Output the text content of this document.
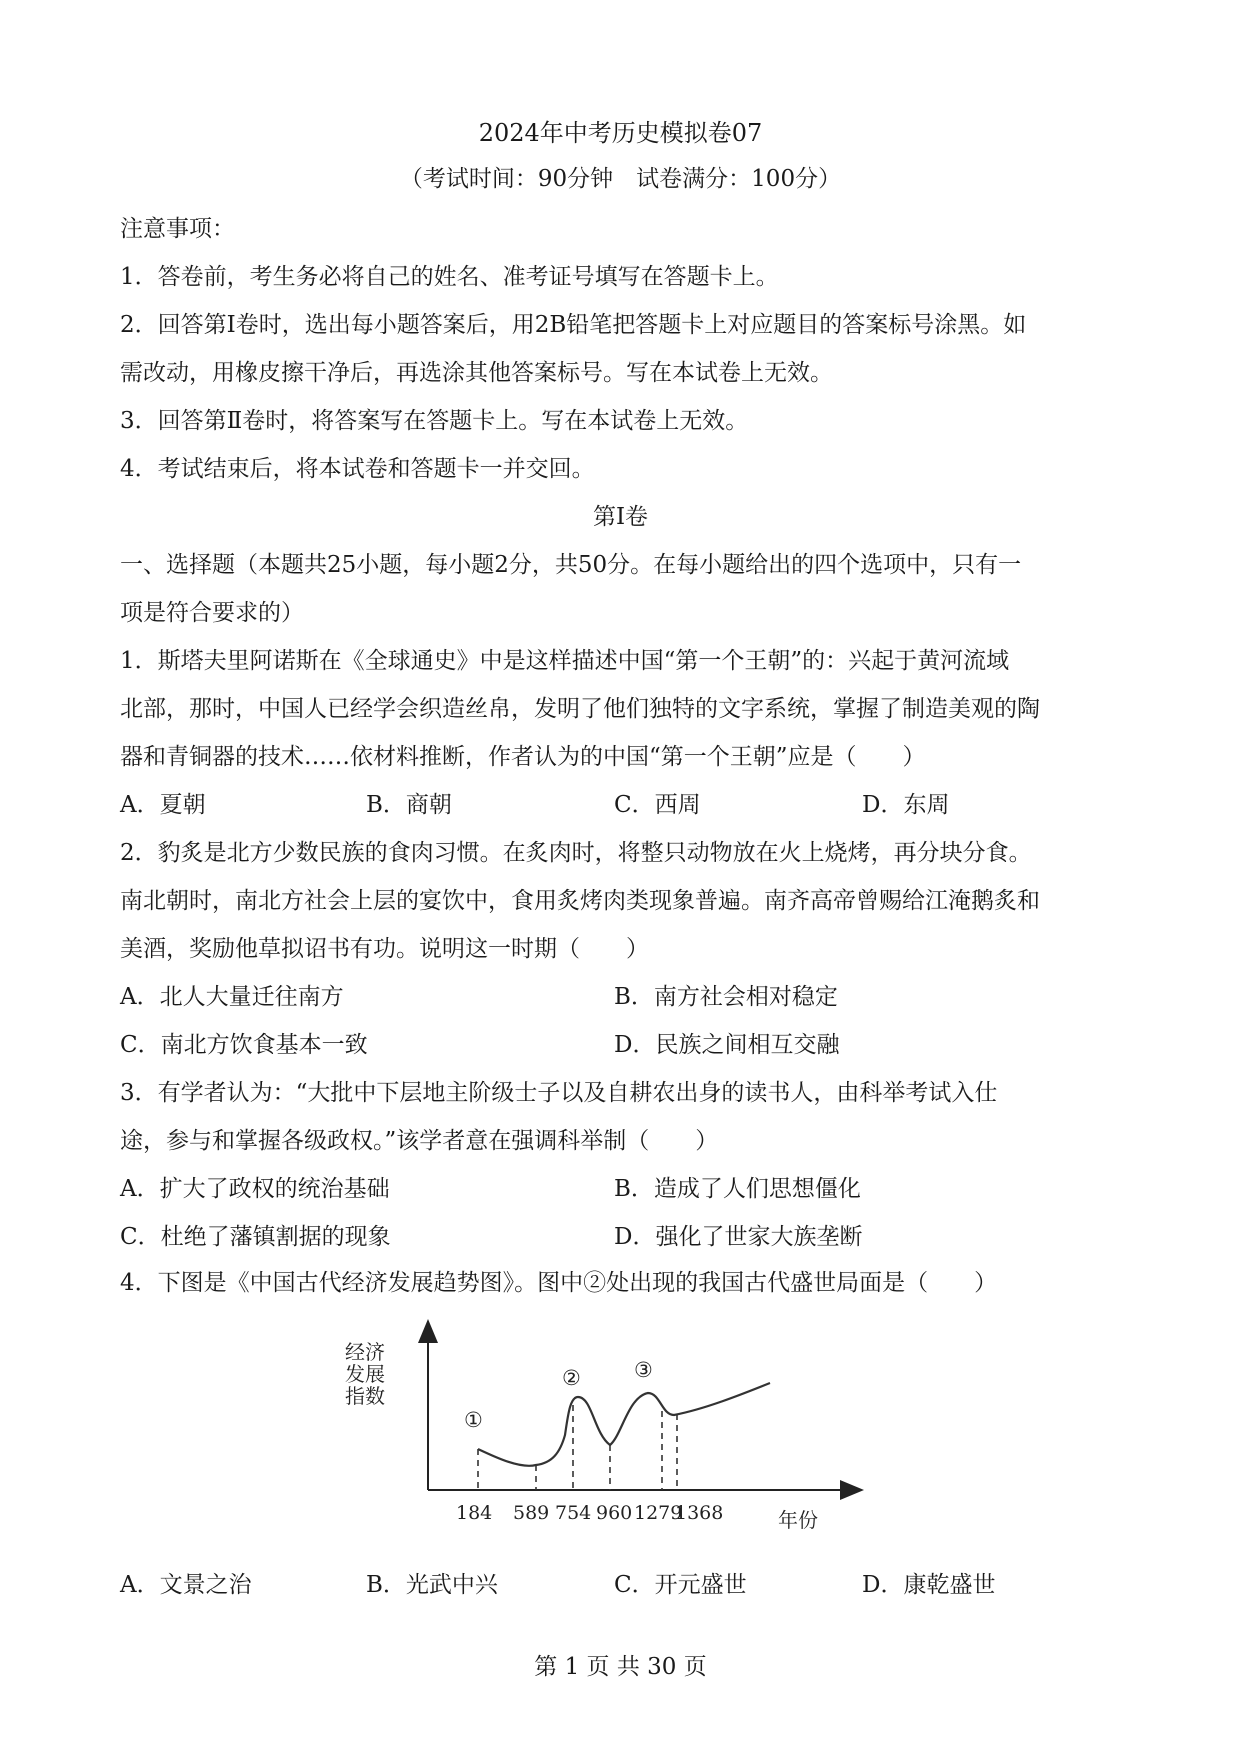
2024年中考历史模拟卷07
（考试时间：90分钟　试卷满分：100分）
注意事项：
1．答卷前，考生务必将自己的姓名、准考证号填写在答题卡上。
2．回答第Ⅰ卷时，选出每小题答案后，用2B铅笔把答题卡上对应题目的答案标号涂黑。如
需改动，用橡皮擦干净后，再选涂其他答案标号。写在本试卷上无效。
3．回答第Ⅱ卷时，将答案写在答题卡上。写在本试卷上无效。
4．考试结束后，将本试卷和答题卡一并交回。
第Ⅰ卷
一、选择题（本题共25小题，每小题2分，共50分。在每小题给出的四个选项中，只有一
项是符合要求的）
1．斯塔夫里阿诺斯在《全球通史》中是这样描述中国“第一个王朝”的：兴起于黄河流域
北部，那时，中国人已经学会织造丝帛，发明了他们独特的文字系统，掌握了制造美观的陶
器和青铜器的技术……依材料推断，作者认为的中国“第一个王朝”应是（　　）
A．夏朝	B．商朝	C．西周	D．东周
2．豹炙是北方少数民族的食肉习惯。在炙肉时，将整只动物放在火上烧烤，再分块分食。
南北朝时，南北方社会上层的宴饮中，食用炙烤肉类现象普遍。南齐高帝曾赐给江淹鹅炙和
美酒，奖励他草拟诏书有功。说明这一时期（　　）
A．北人大量迁往南方	B．南方社会相对稳定
C．南北方饮食基本一致	D．民族之间相互交融
3．有学者认为：“大批中下层地主阶级士子以及自耕农出身的读书人，由科举考试入仕
途，参与和掌握各级政权。”该学者意在强调科举制（　　）
A．扩大了政权的统治基础	B．造成了人们思想僵化
C．杜绝了藩镇割据的现象	D．强化了世家大族垄断
4．下图是《中国古代经济发展趋势图》。图中②处出现的我国古代盛世局面是（　　）
经济 发展 指数
①
②	③
184 589 754 960 1279
1368	年份
A．文景之治	B．光武中兴	C．开元盛世	D．康乾盛世
第 1 页 共 30 页
